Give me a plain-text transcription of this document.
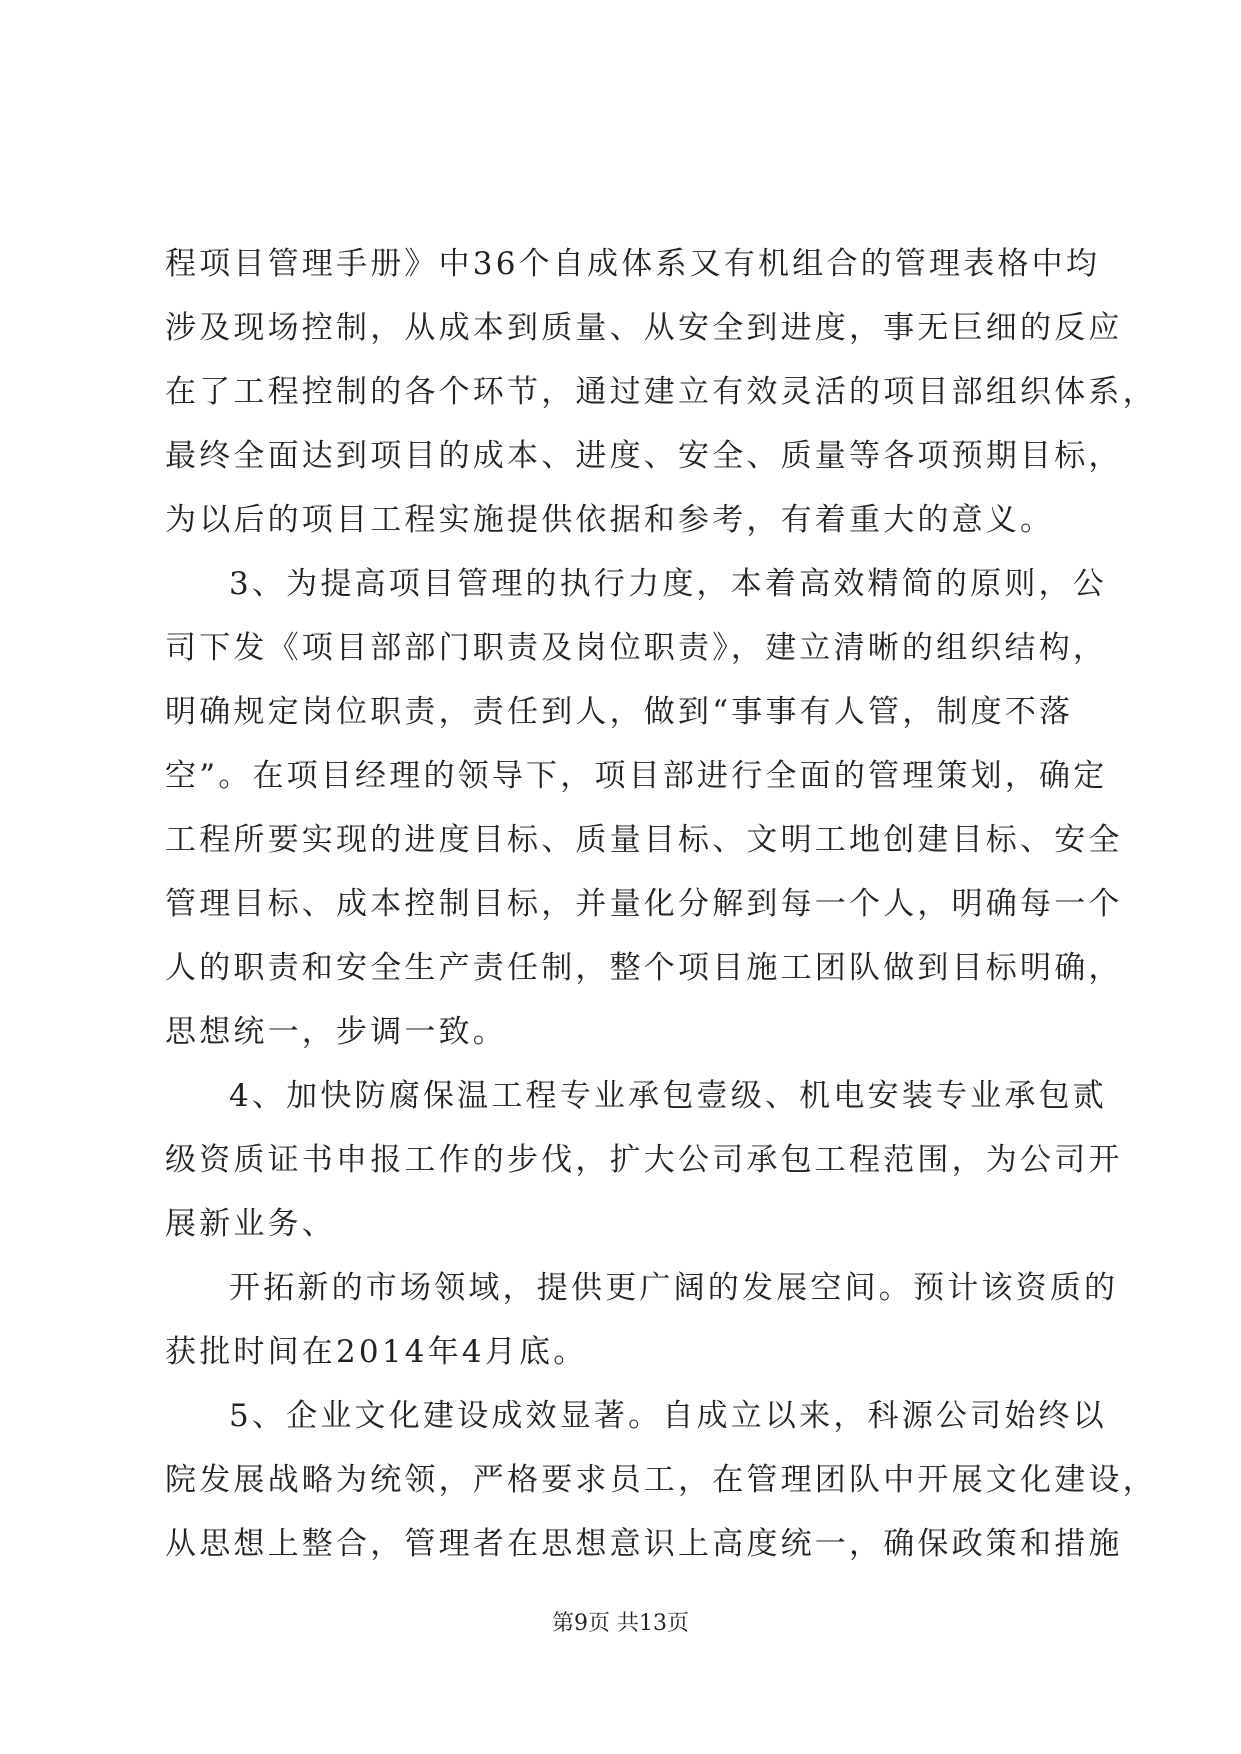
程项目管理手册》中36个自成体系又有机组合的管理表格中均
涉及现场控制，从成本到质量、从安全到进度，事无巨细的反应
在了工程控制的各个环节，通过建立有效灵活的项目部组织体系，
最终全面达到项目的成本、进度、安全、质量等各项预期目标，
为以后的项目工程实施提供依据和参考，有着重大的意义。
3、为提高项目管理的执行力度，本着高效精简的原则，公
司下发《项目部部门职责及岗位职责》，建立清晰的组织结构，
明确规定岗位职责，责任到人，做到“事事有人管，制度不落
空”。在项目经理的领导下，项目部进行全面的管理策划，确定
工程所要实现的进度目标、质量目标、文明工地创建目标、安全
管理目标、成本控制目标，并量化分解到每一个人，明确每一个
人的职责和安全生产责任制，整个项目施工团队做到目标明确，
思想统一，步调一致。
4、加快防腐保温工程专业承包壹级、机电安装专业承包贰
级资质证书申报工作的步伐，扩大公司承包工程范围，为公司开
展新业务、
开拓新的市场领域，提供更广阔的发展空间。预计该资质的
获批时间在2014年4月底。
5、企业文化建设成效显著。自成立以来，科源公司始终以
院发展战略为统领，严格要求员工，在管理团队中开展文化建设，
从思想上整合，管理者在思想意识上高度统一，确保政策和措施
第9页 共13页
